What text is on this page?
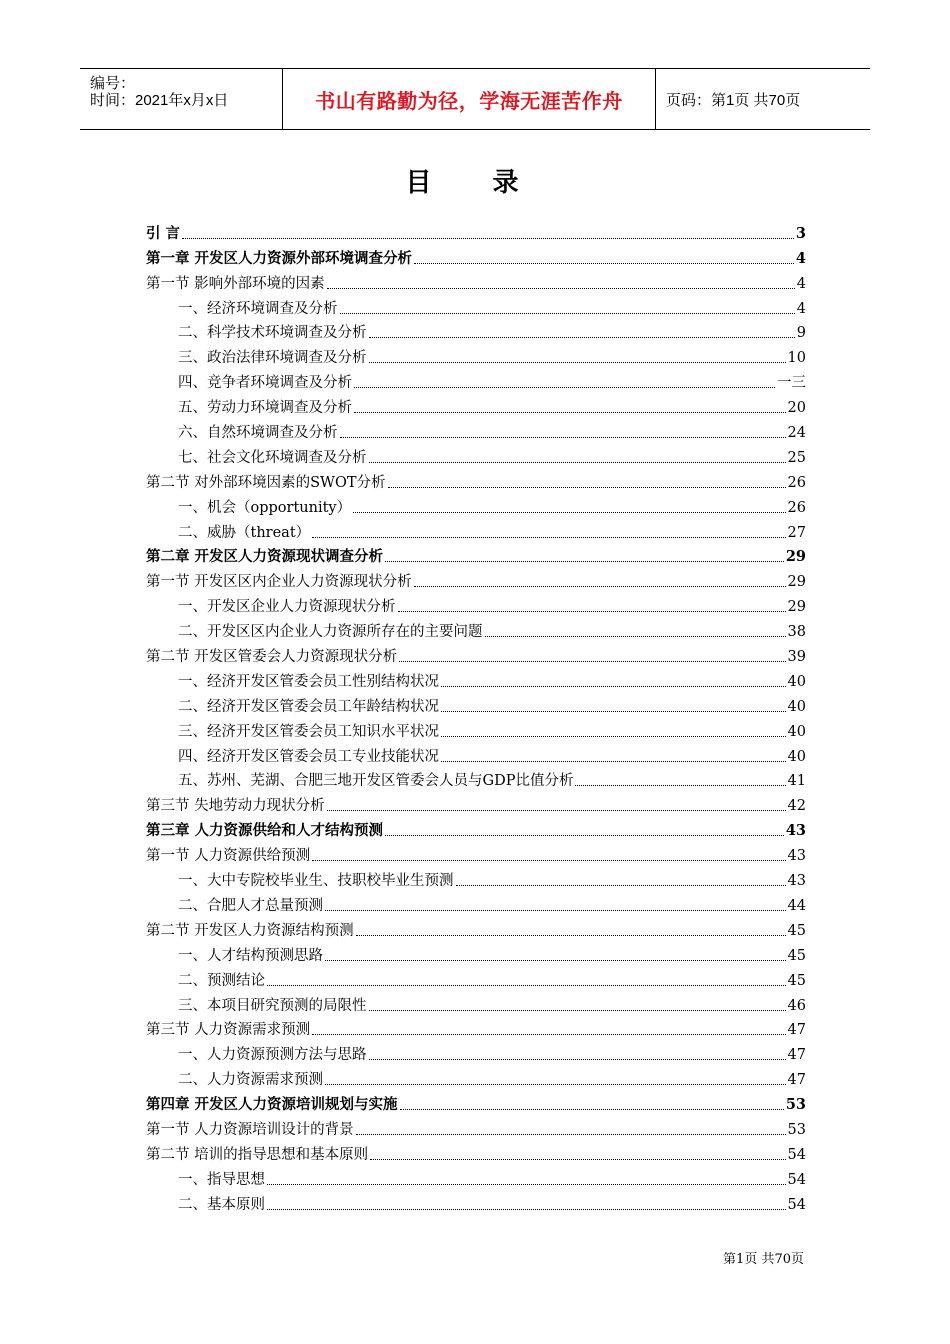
编号：
时间：2021年x月x日	书山有路勤为径，学海无涯苦作舟	页码：第1页 共70页
目 录
引 言	3
第一章 开发区人力资源外部环境调查分析	4
第一节 影响外部环境的因素	4
一、经济环境调查及分析	4
二、科学技术环境调查及分析	9
三、政治法律环境调查及分析	10
四、竞争者环境调查及分析	一三
五、劳动力环境调查及分析	20
六、自然环境调查及分析	24
七、社会文化环境调查及分析	25
第二节 对外部环境因素的SWOT分析	26
一、机会（opportunity）	26
二、威胁（threat）	27
第二章 开发区人力资源现状调查分析	29
第一节 开发区区内企业人力资源现状分析	29
一、开发区企业人力资源现状分析	29
二、开发区区内企业人力资源所存在的主要问题	38
第二节 开发区管委会人力资源现状分析	39
一、经济开发区管委会员工性别结构状况	40
二、经济开发区管委会员工年龄结构状况	40
三、经济开发区管委会员工知识水平状况	40
四、经济开发区管委会员工专业技能状况	40
五、苏州、芜湖、合肥三地开发区管委会人员与GDP比值分析	41
第三节 失地劳动力现状分析	42
第三章 人力资源供给和人才结构预测	43
第一节 人力资源供给预测	43
一、大中专院校毕业生、技职校毕业生预测	43
二、合肥人才总量预测	44
第二节 开发区人力资源结构预测	45
一、人才结构预测思路	45
二、预测结论	45
三、本项目研究预测的局限性	46
第三节 人力资源需求预测	47
一、人力资源预测方法与思路	47
二、人力资源需求预测	47
第四章 开发区人力资源培训规划与实施	53
第一节 人力资源培训设计的背景	53
第二节 培训的指导思想和基本原则	54
一、指导思想	54
二、基本原则	54
第1页 共70页
